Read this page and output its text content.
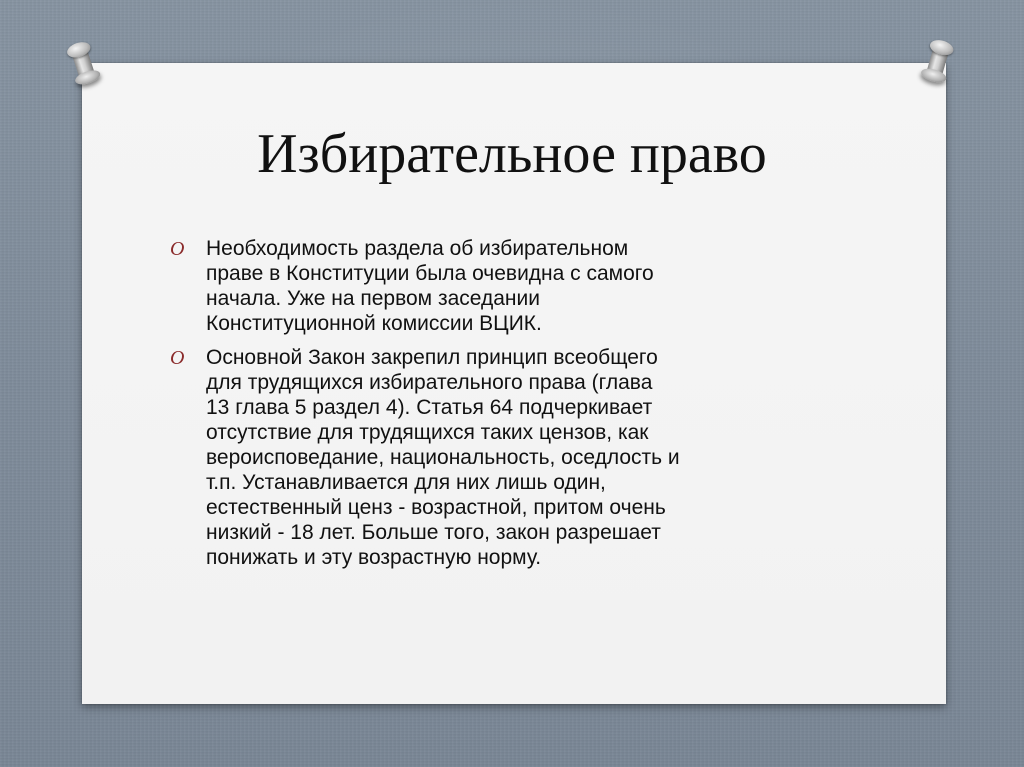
Избирательное право
O Необходимость раздела об избирательном
праве в Конституции была очевидна с самого
начала. Уже на первом заседании
Конституционной комиссии ВЦИК.
O Основной Закон закрепил принцип всеобщего
для трудящихся избирательного права (глава
13 глава 5 раздел 4). Статья 64 подчеркивает
отсутствие для трудящихся таких цензов, как
вероисповедание, национальность, оседлость и
т.п. Устанавливается для них лишь один,
естественный ценз - возрастной, притом очень
низкий - 18 лет. Больше того, закон разрешает
понижать и эту возрастную норму.
